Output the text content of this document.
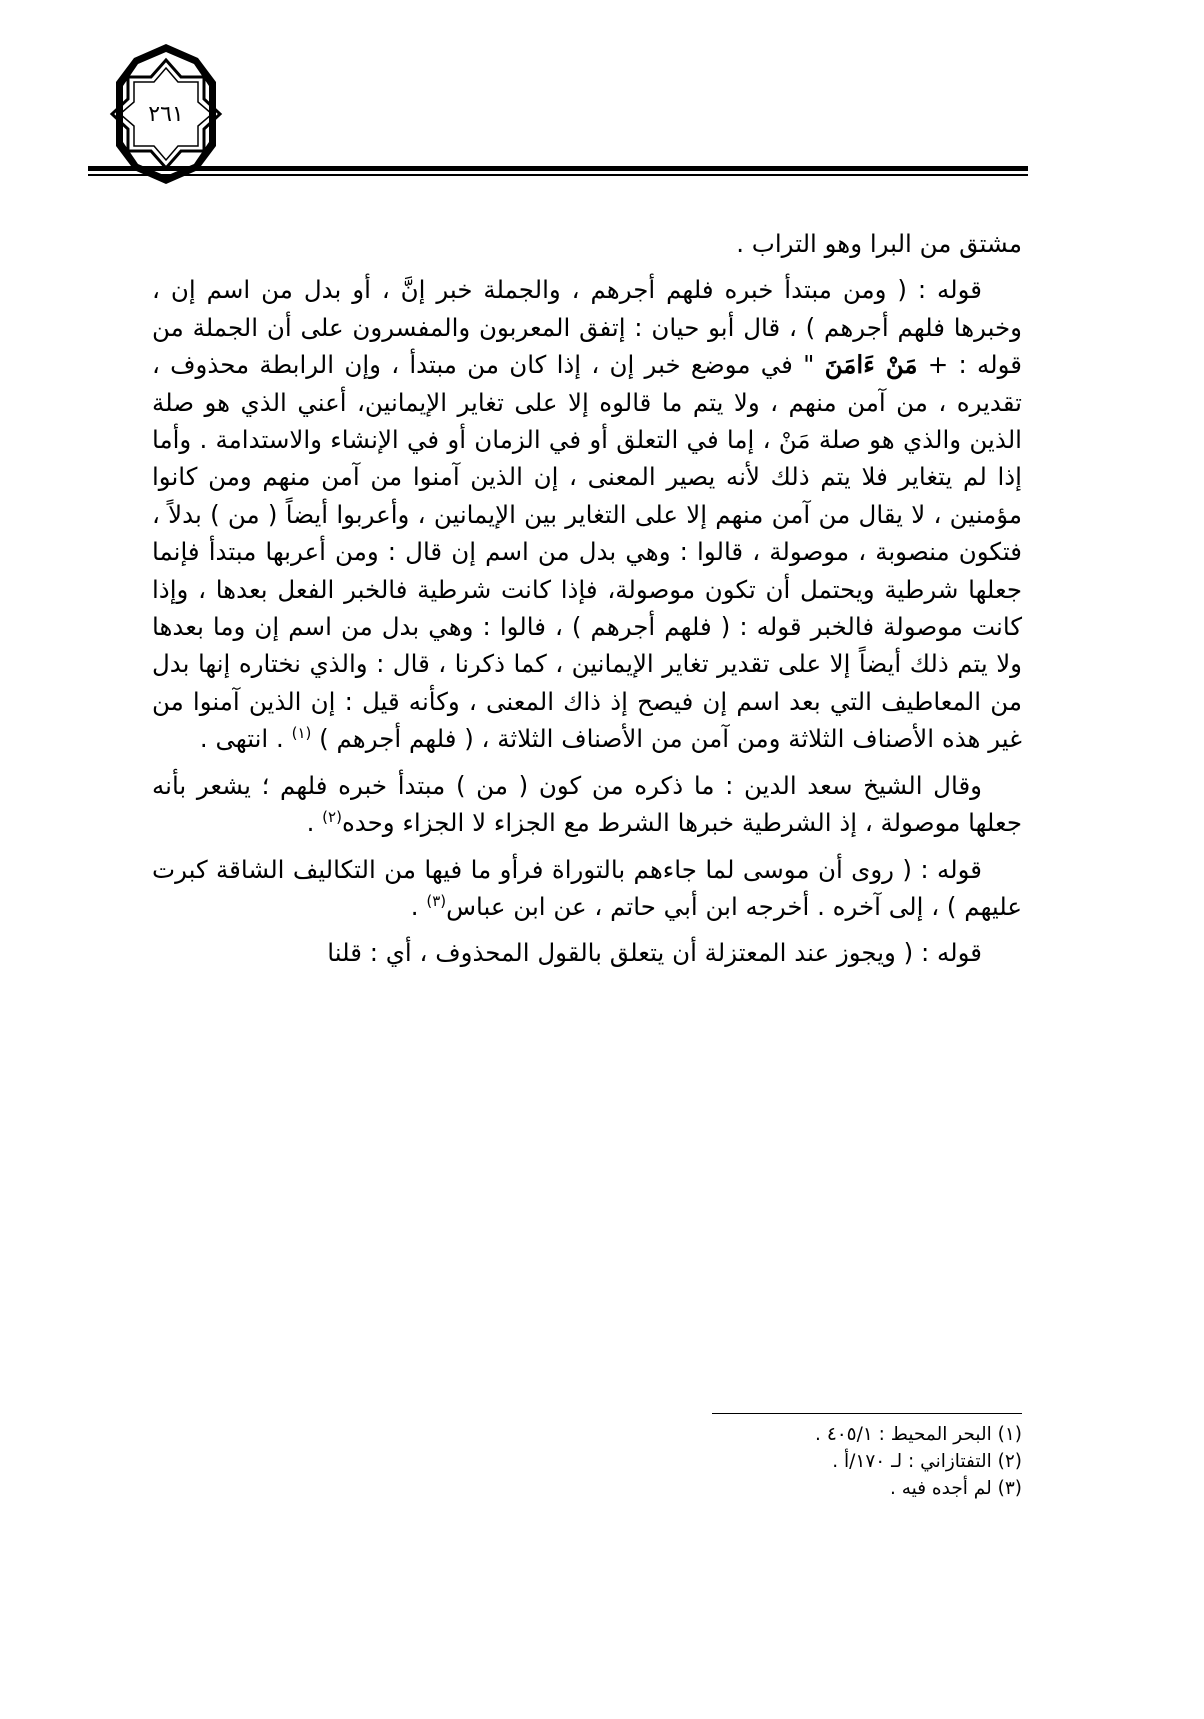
٢٦١

مشتق من البرا وهو التراب .

قوله : ( ومن مبتدأ خبره فلهم أجرهم ، والجملة خبر إنَّ ، أو بدل من اسم إن ، وخبرها فلهم أجرهم ) ، قال أبو حيان : إتفق المعربون والمفسرون على أن الجملة من قوله : + مَنْ ءَامَنَ " في موضع خبر إن ، إذا كان من مبتدأ ، وإن الرابطة محذوف ، تقديره ، من آمن منهم ، ولا يتم ما قالوه إلا على تغاير الإيمانين، أعني الذي هو صلة الذين والذي هو صلة مَنْ ، إما في التعلق أو في الزمان أو في الإنشاء والاستدامة . وأما إذا لم يتغاير فلا يتم ذلك لأنه يصير المعنى ، إن الذين آمنوا من آمن منهم ومن كانوا مؤمنين ، لا يقال من آمن منهم إلا على التغاير بين الإيمانين ، وأعربوا أيضاً ( من ) بدلاً ، فتكون منصوبة ، موصولة ، قالوا : وهي بدل من اسم إن قال : ومن أعربها مبتدأ فإنما جعلها شرطية ويحتمل أن تكون موصولة، فإذا كانت شرطية فالخبر الفعل بعدها ، وإذا كانت موصولة فالخبر قوله : ( فلهم أجرهم ) ، فالوا : وهي بدل من اسم إن وما بعدها ولا يتم ذلك أيضاً إلا على تقدير تغاير الإيمانين ، كما ذكرنا ، قال : والذي نختاره إنها بدل من المعاطيف التي بعد اسم إن فيصح إذ ذاك المعنى ، وكأنه قيل : إن الذين آمنوا من غير هذه الأصناف الثلاثة ومن آمن من الأصناف الثلاثة ، ( فلهم أجرهم ) $^{(١)}$ . انتهى .

وقال الشيخ سعد الدين : ما ذكره من كون ( من ) مبتدأ خبره فلهم ؛ يشعر بأنه جعلها موصولة ، إذ الشرطية خبرها الشرط مع الجزاء لا الجزاء وحده$^{(٢)}$ .

قوله : ( روى أن موسى لما جاءهم بالتوراة فرأو ما فيها من التكاليف الشاقة كبرت عليهم ) ، إلى آخره . أخرجه ابن أبي حاتم ، عن ابن عباس$^{(٣)}$ .

قوله : ( ويجوز عند المعتزلة أن يتعلق بالقول المحذوف ، أي : قلنا

(١) البحر المحيط : ٤٠٥/١ .
(٢) التفتازاني : لـ ١٧٠/أ .
(٣) لم أجده فيه .
